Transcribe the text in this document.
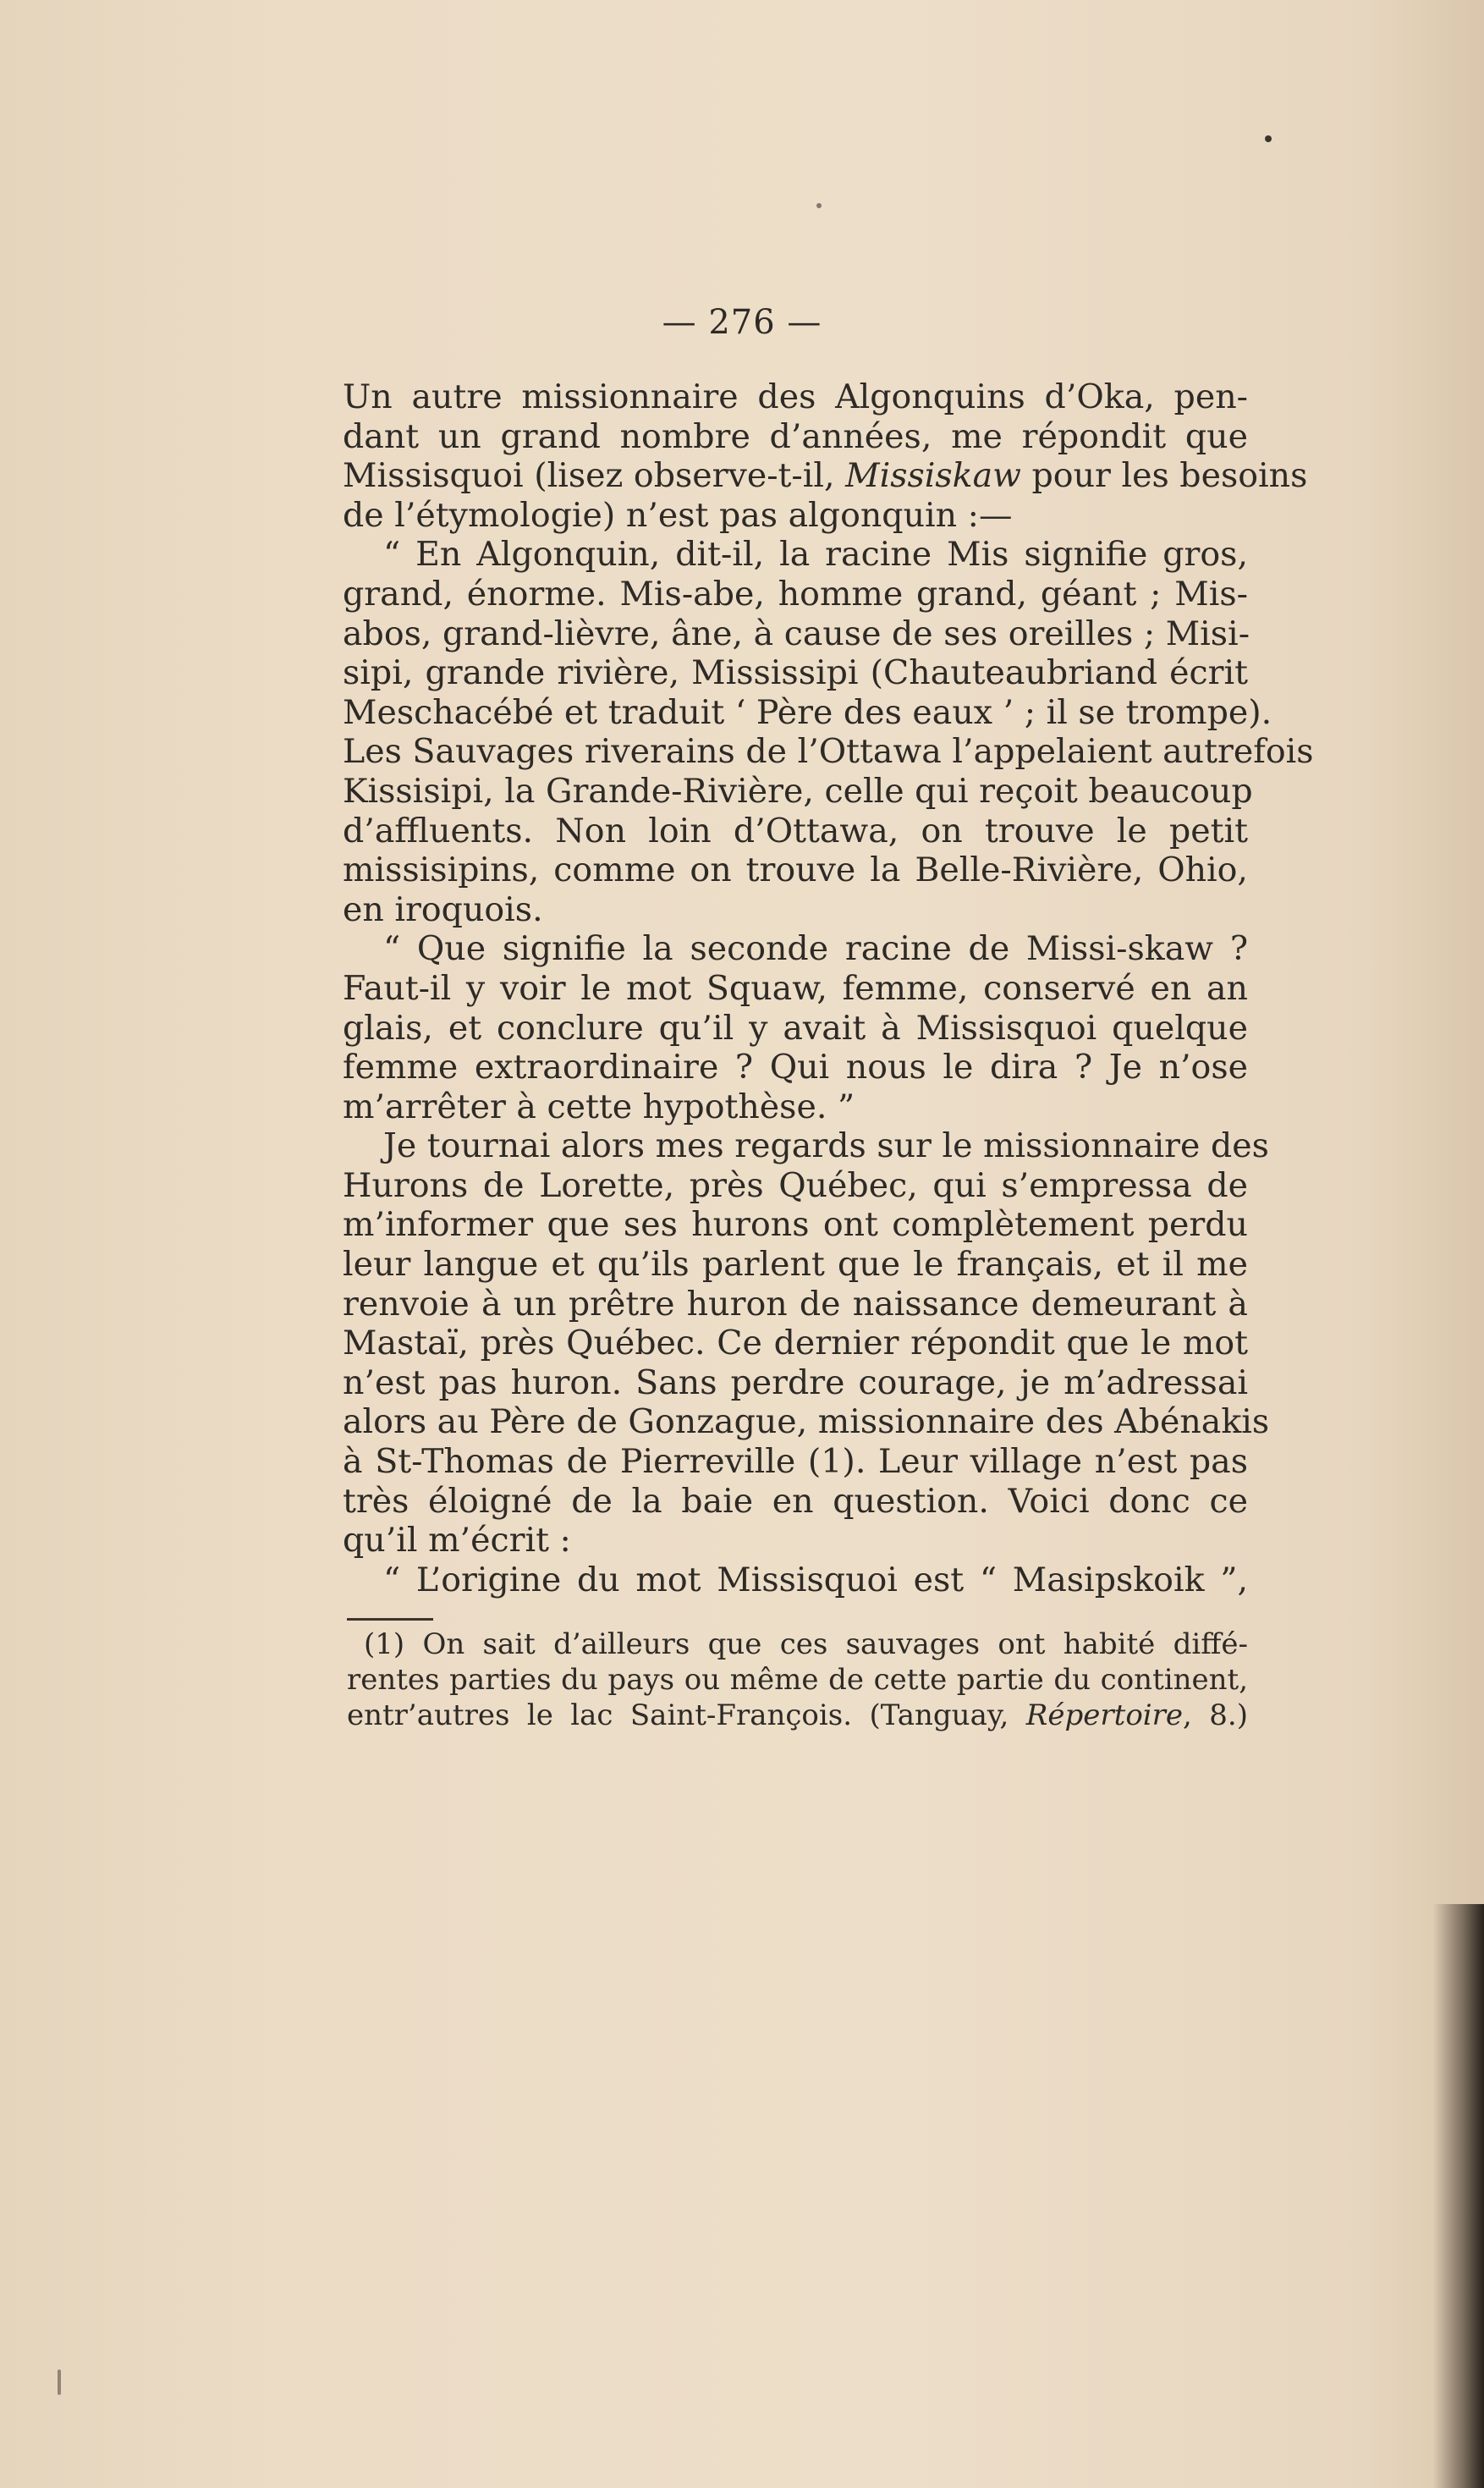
— 276 —
Un autre missionnaire des Algonquins d’Oka, pen-
dant un grand nombre d’années, me répondit que
Missisquoi (lisez observe-t-il, Missiskaw pour les besoins
de l’étymologie) n’est pas algonquin :—
“ En Algonquin, dit-il, la racine Mis signifie gros,
grand, énorme. Mis-abe, homme grand, géant ; Mis-
abos, grand-lièvre, âne, à cause de ses oreilles ; Misi-
sipi, grande rivière, Mississipi (Chauteaubriand écrit
Meschacébé et traduit ‘ Père des eaux ’ ; il se trompe).
Les Sauvages riverains de l’Ottawa l’appelaient autrefois
Kissisipi, la Grande-Rivière, celle qui reçoit beaucoup
d’affluents. Non loin d’Ottawa, on trouve le petit
missisipins, comme on trouve la Belle-Rivière, Ohio,
en iroquois.
“ Que signifie la seconde racine de Missi-skaw ?
Faut-il y voir le mot Squaw, femme, conservé en an
glais, et conclure qu’il y avait à Missisquoi quelque
femme extraordinaire ? Qui nous le dira ? Je n’ose
m’arrêter à cette hypothèse. ”
Je tournai alors mes regards sur le missionnaire des
Hurons de Lorette, près Québec, qui s’empressa de
m’informer que ses hurons ont complètement perdu
leur langue et qu’ils parlent que le français, et il me
renvoie à un prêtre huron de naissance demeurant à
Mastaï, près Québec. Ce dernier répondit que le mot
n’est pas huron. Sans perdre courage, je m’adressai
alors au Père de Gonzague, missionnaire des Abénakis
à St-Thomas de Pierreville (1). Leur village n’est pas
très éloigné de la baie en question. Voici donc ce
qu’il m’écrit :
“ L’origine du mot Missisquoi est “ Masipskoik ”,
(1) On sait d’ailleurs que ces sauvages ont habité diffé-
rentes parties du pays ou même de cette partie du continent,
entr’autres le lac Saint-François. (Tanguay, Répertoire, 8.)
